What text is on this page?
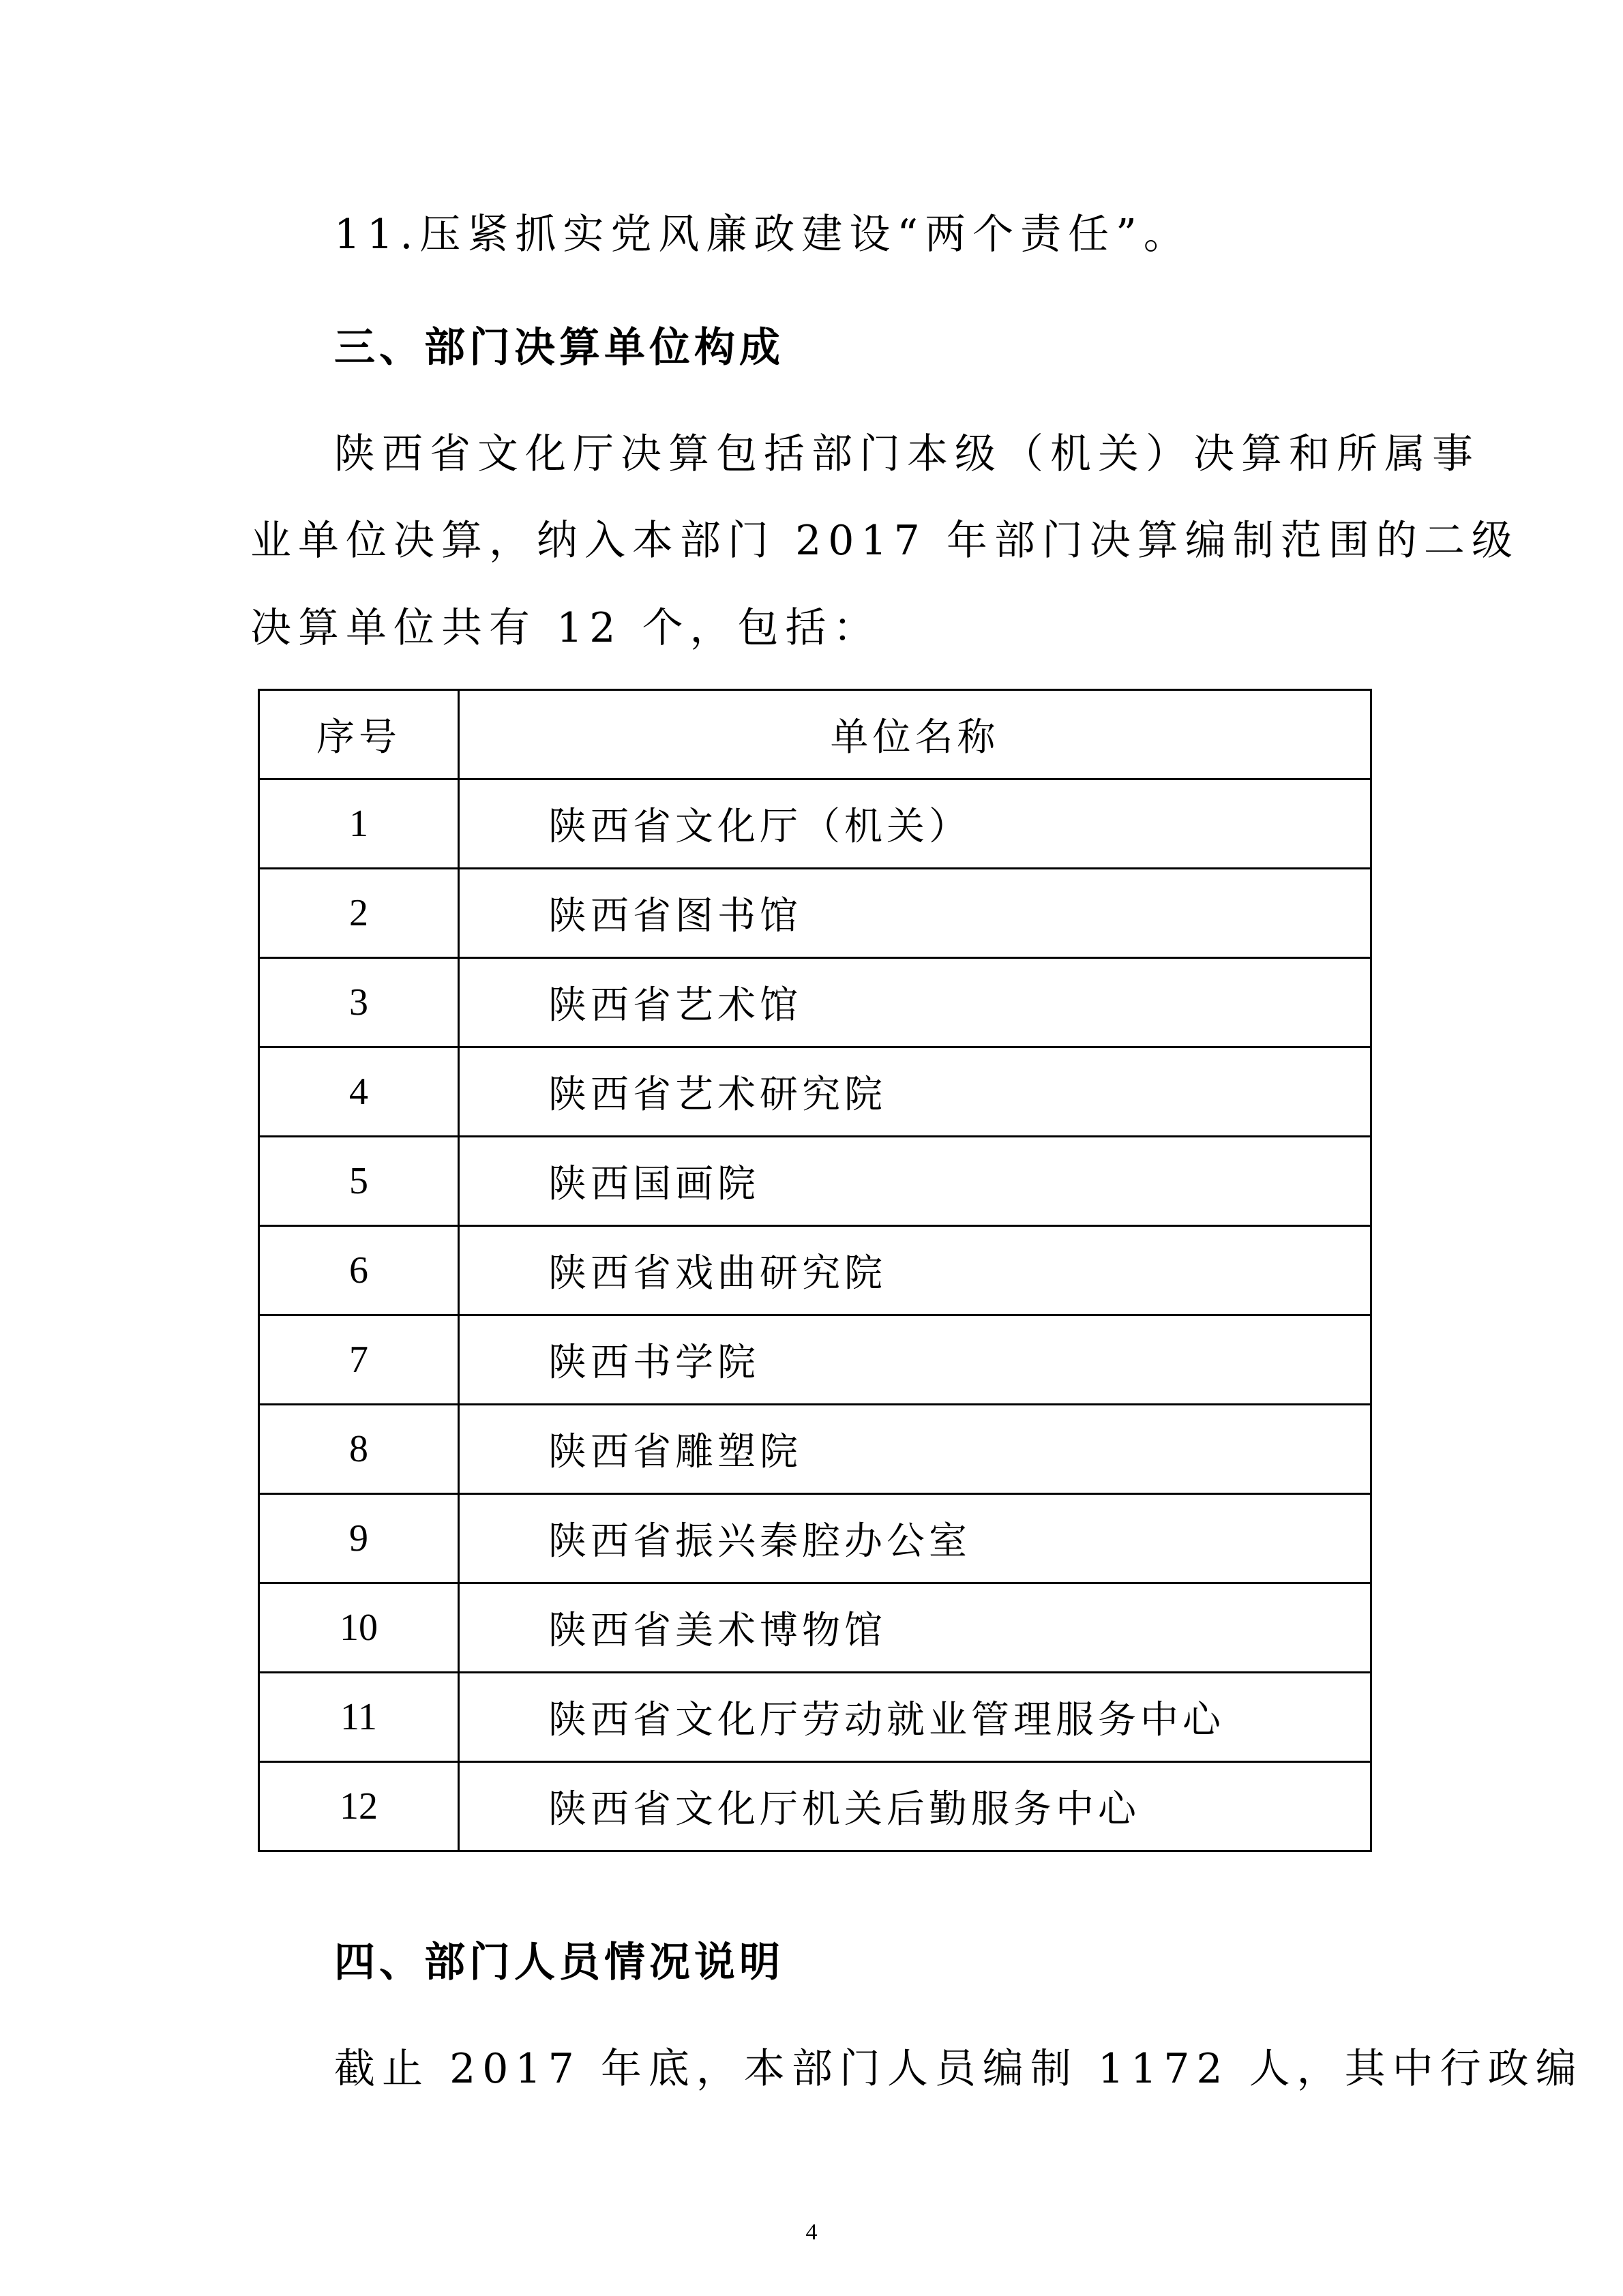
11.压紧抓实党风廉政建设“两个责任”。
三、部门决算单位构成
陕西省文化厅决算包括部门本级（机关）决算和所属事
业单位决算，纳入本部门 2017 年部门决算编制范围的二级
决算单位共有 12 个，包括：
序号	单位名称
1	陕西省文化厅（机关）
2	陕西省图书馆
3	陕西省艺术馆
4	陕西省艺术研究院
5	陕西国画院
6	陕西省戏曲研究院
7	陕西书学院
8	陕西省雕塑院
9	陕西省振兴秦腔办公室
10	陕西省美术博物馆
11	陕西省文化厅劳动就业管理服务中心
12	陕西省文化厅机关后勤服务中心
四、部门人员情况说明
截止 2017 年底，本部门人员编制 1172 人，其中行政编
4
